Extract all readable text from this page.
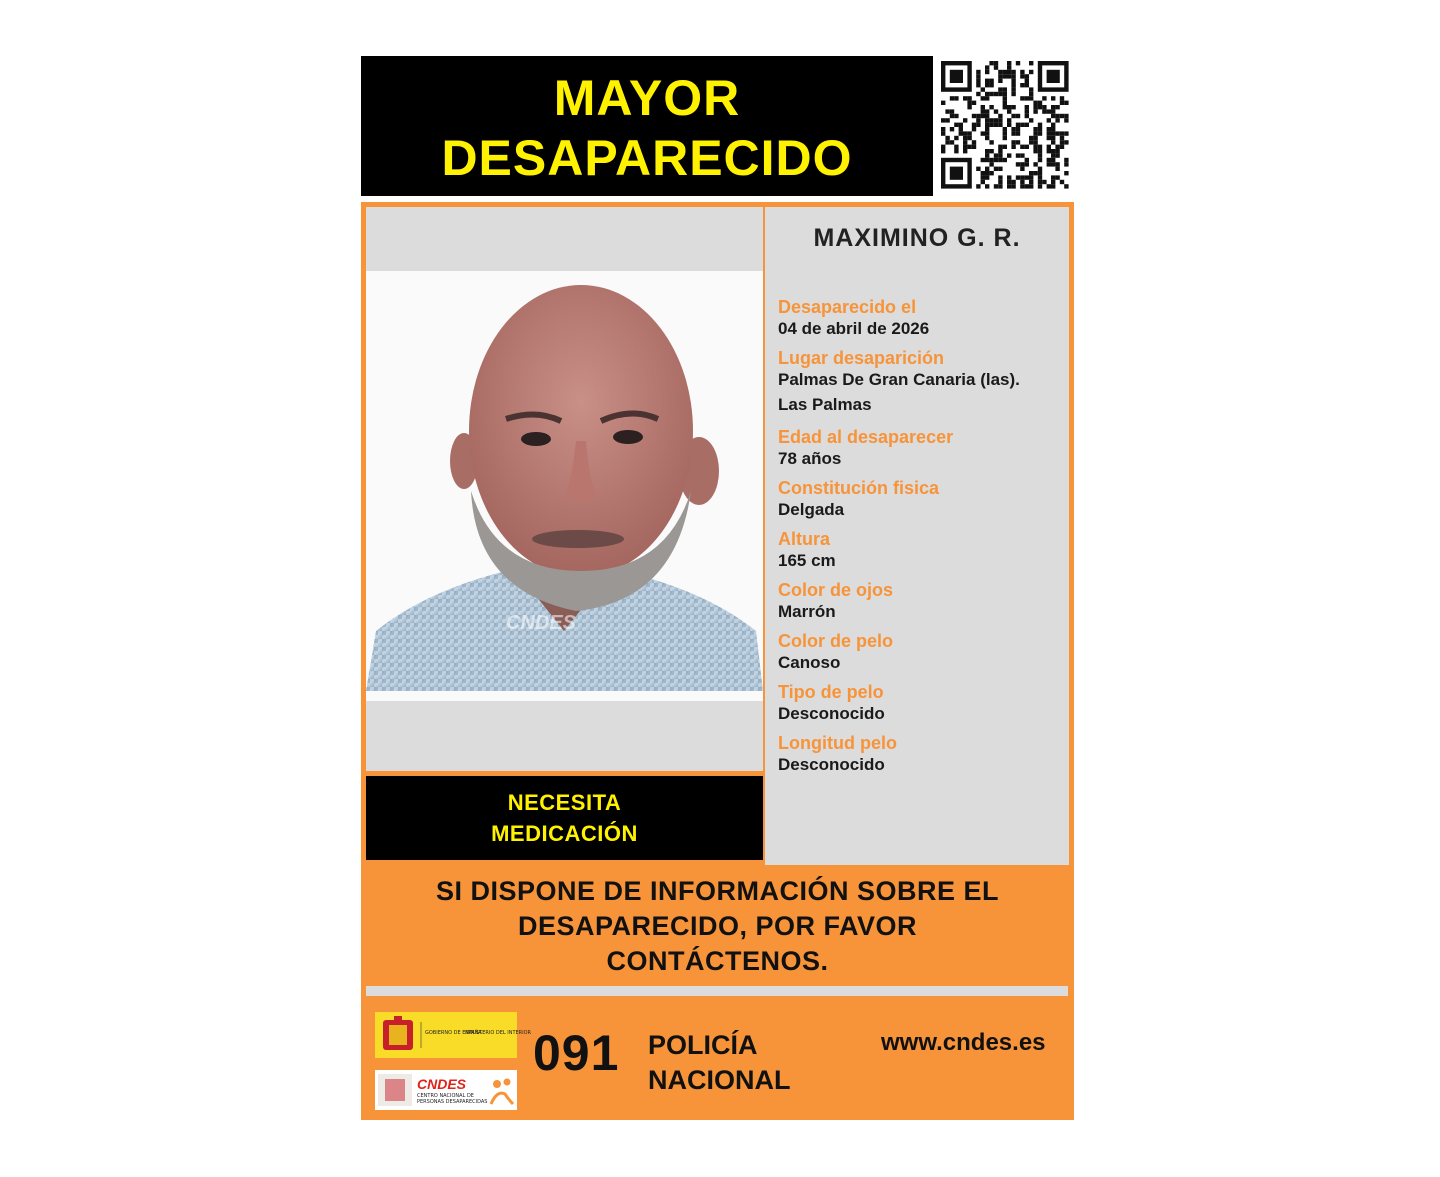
MAYOR
DESAPARECIDO
CNDES
MAXIMINO G. R.
Desaparecido el
04 de abril de 2026
Lugar desaparición
Palmas De Gran Canaria (las).
Las Palmas
Edad al desaparecer
78 años
Constitución fisica
Delgada
Altura
165 cm
Color de ojos
Marrón
Color de pelo
Canoso
Tipo de pelo
Desconocido
Longitud pelo
Desconocido
NECESITA
MEDICACIÓN
SI DISPONE DE INFORMACIÓN SOBRE EL
DESAPARECIDO, POR FAVOR
CONTÁCTENOS.
GOBIERNO DE ESPAÑA
MINISTERIO DEL INTERIOR
CNDES
CENTRO NACIONAL DE
PERSONAS DESAPARECIDAS
091 POLICÍA
NACIONAL
www.cndes.es
